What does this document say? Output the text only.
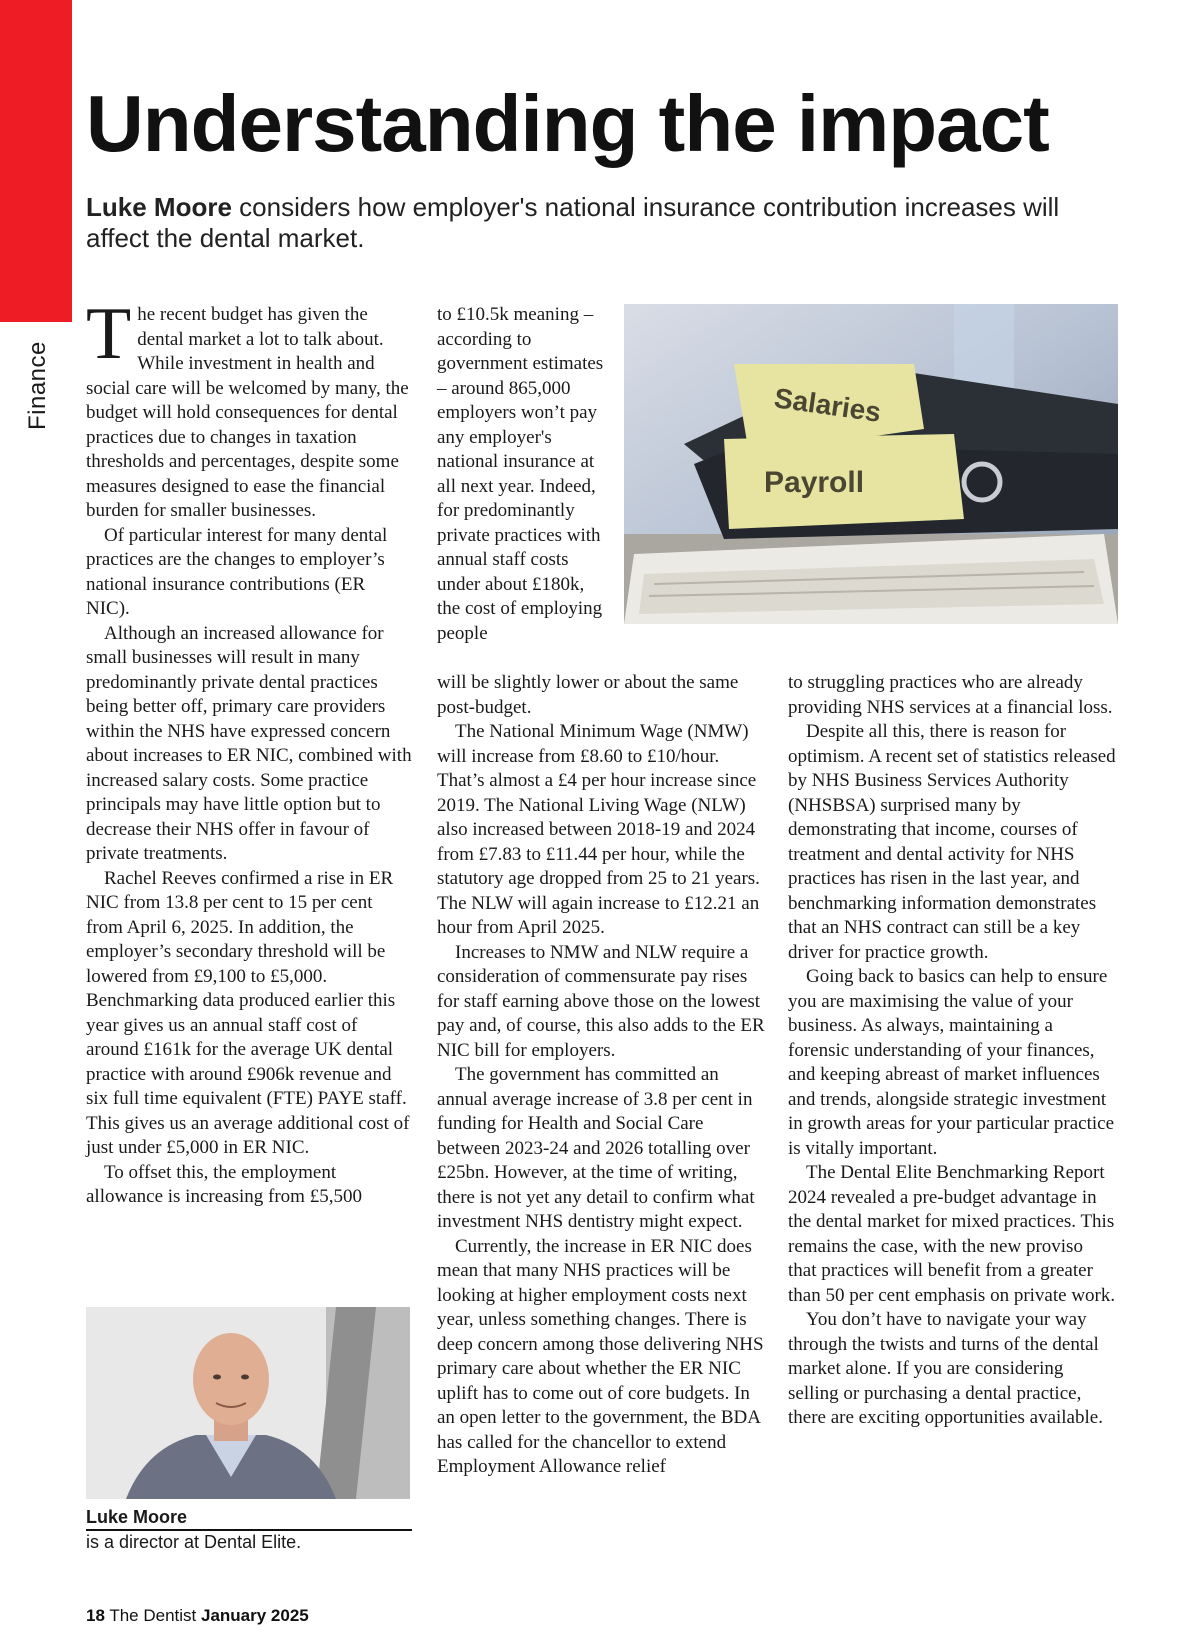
Finance
Understanding the impact

Luke Moore considers how employer's national insurance contribution increases will affect the dental market.

The recent budget has given the dental market a lot to talk about. While investment in health and social care will be welcomed by many, the budget will hold consequences for dental practices due to changes in taxation thresholds and percentages, despite some measures designed to ease the financial burden for smaller businesses.

Of particular interest for many dental practices are the changes to employer’s national insurance contributions (ER NIC).

Although an increased allowance for small businesses will result in many predominantly private dental practices being better off, primary care providers within the NHS have expressed concern about increases to ER NIC, combined with increased salary costs. Some practice principals may have little option but to decrease their NHS offer in favour of private treatments.

Rachel Reeves confirmed a rise in ER NIC from 13.8 per cent to 15 per cent from April 6, 2025. In addition, the employer’s secondary threshold will be lowered from £9,100 to £5,000. Benchmarking data produced earlier this year gives us an annual staff cost of around £161k for the average UK dental practice with around £906k revenue and six full time equivalent (FTE) PAYE staff. This gives us an average additional cost of just under £5,000 in ER NIC.

To offset this, the employment allowance is increasing from £5,500

to £10.5k meaning – according to government estimates – around 865,000 employers won’t pay any employer's national insurance at all next year. Indeed, for predominantly private practices with annual staff costs under about £180k, the cost of employing people

will be slightly lower or about the same post-budget.

The National Minimum Wage (NMW) will increase from £8.60 to £10/hour. That’s almost a £4 per hour increase since 2019. The National Living Wage (NLW) also increased between 2018-19 and 2024 from £7.83 to £11.44 per hour, while the statutory age dropped from 25 to 21 years. The NLW will again increase to £12.21 an hour from April 2025.

Increases to NMW and NLW require a consideration of commensurate pay rises for staff earning above those on the lowest pay and, of course, this also adds to the ER NIC bill for employers.

The government has committed an annual average increase of 3.8 per cent in funding for Health and Social Care between 2023-24 and 2026 totalling over £25bn. However, at the time of writing, there is not yet any detail to confirm what investment NHS dentistry might expect.

Currently, the increase in ER NIC does mean that many NHS practices will be looking at higher employment costs next year, unless something changes. There is deep concern among those delivering NHS primary care about whether the ER NIC uplift has to come out of core budgets. In an open letter to the government, the BDA has called for the chancellor to extend Employment Allowance relief

to struggling practices who are already providing NHS services at a financial loss.

Despite all this, there is reason for optimism. A recent set of statistics released by NHS Business Services Authority (NHSBSA) surprised many by demonstrating that income, courses of treatment and dental activity for NHS practices has risen in the last year, and benchmarking information demonstrates that an NHS contract can still be a key driver for practice growth.

Going back to basics can help to ensure you are maximising the value of your business. As always, maintaining a forensic understanding of your finances, and keeping abreast of market influences and trends, alongside strategic investment in growth areas for your particular practice is vitally important.

The Dental Elite Benchmarking Report 2024 revealed a pre-budget advantage in the dental market for mixed practices. This remains the case, with the new proviso that practices will benefit from a greater than 50 per cent emphasis on private work.

You don’t have to navigate your way through the twists and turns of the dental market alone. If you are considering selling or purchasing a dental practice, there are exciting opportunities available.

Salaries
Payroll
Luke Moore
is a director at Dental Elite.
18 The Dentist January 2025
